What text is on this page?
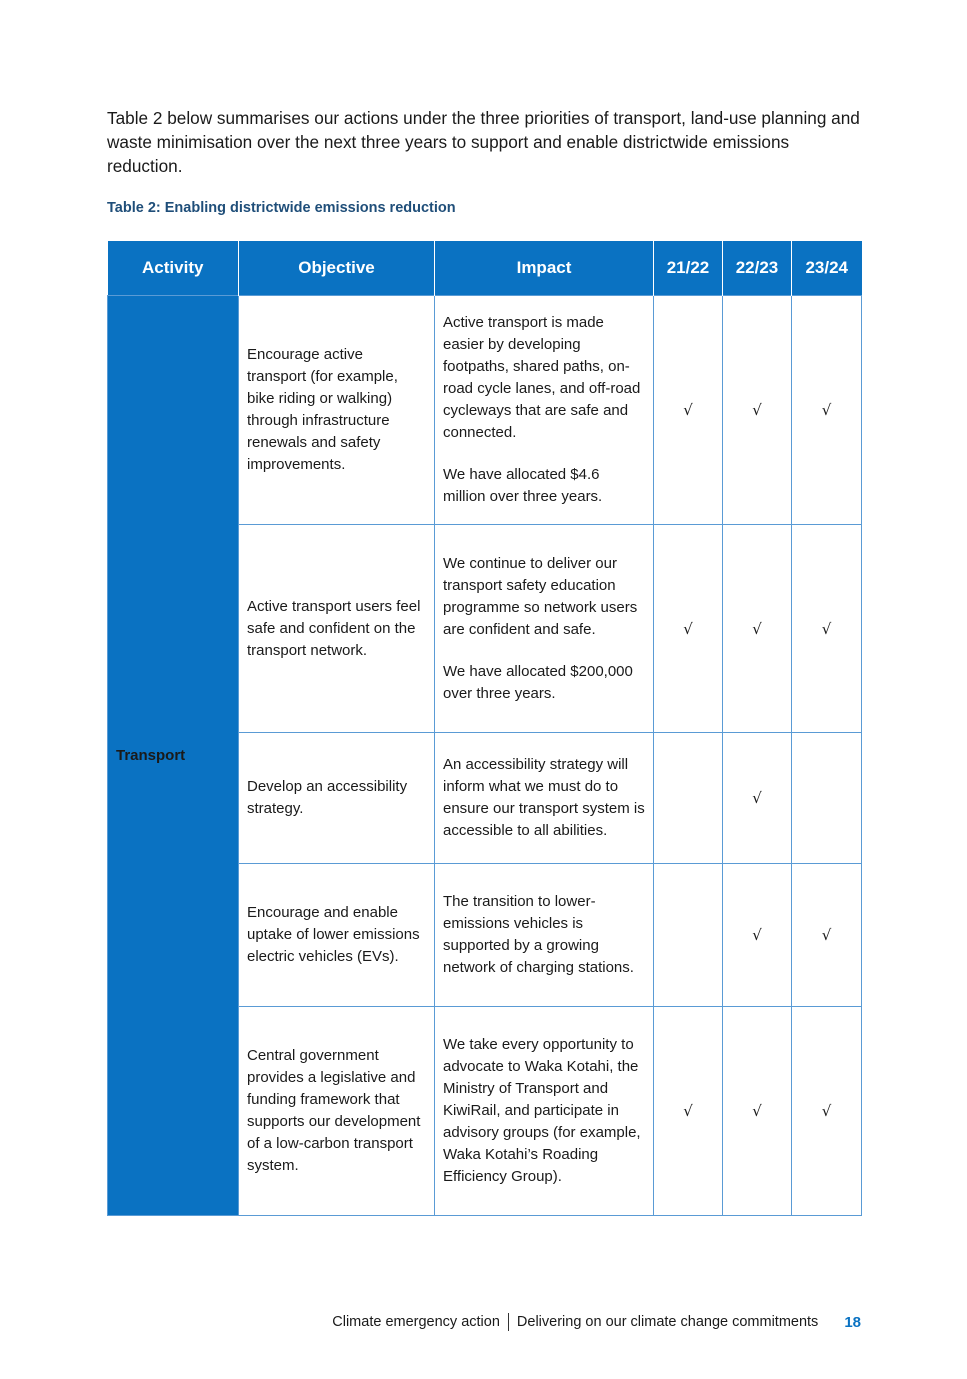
Table 2 below summarises our actions under the three priorities of transport, land-use planning and waste minimisation over the next three years to support and enable districtwide emissions reduction.

Table 2: Enabling districtwide emissions reduction

Activity	Objective	Impact	21/22	22/23	23/24
Transport	Encourage active transport (for example, bike riding or walking) through infrastructure renewals and safety improvements.	Active transport is made easier by developing footpaths, shared paths, on-road cycle lanes, and off-road cycleways that are safe and connected.
We have allocated $4.6 million over three years.	√	√	√
	Active transport users feel safe and confident on the transport network.	We continue to deliver our transport safety education programme so network users are confident and safe.
We have allocated $200,000 over three years.	√	√	√
	Develop an accessibility strategy.	An accessibility strategy will inform what we must do to ensure our transport system is accessible to all abilities.		√	
	Encourage and enable uptake of lower emissions electric vehicles (EVs).	The transition to lower-emissions vehicles is supported by a growing network of charging stations.		√	√
	Central government provides a legislative and funding framework that supports our development of a low-carbon transport system.	We take every opportunity to advocate to Waka Kotahi, the Ministry of Transport and KiwiRail, and participate in advisory groups (for example, Waka Kotahi’s Roading Efficiency Group).	√	√	√
Climate emergency action Delivering on our climate change commitments 18
